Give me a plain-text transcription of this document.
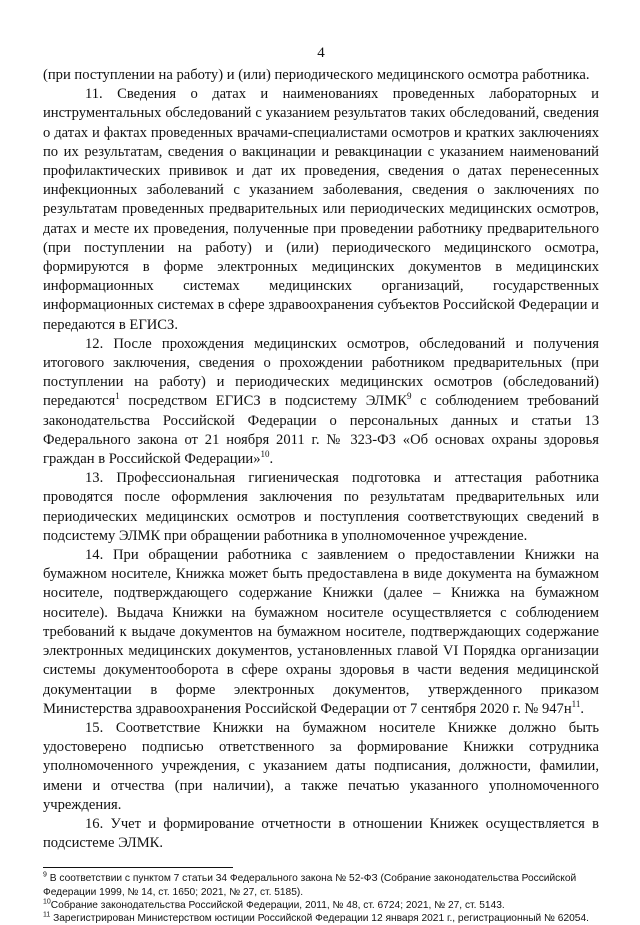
4

(при поступлении на работу) и (или) периодического медицинского осмотра работника.

11. Сведения о датах и наименованиях проведенных лабораторных и инструментальных обследований с указанием результатов таких обследований, сведения о датах и фактах проведенных врачами-специалистами осмотров и кратких заключениях по их результатам, сведения о вакцинации и ревакцинации с указанием наименований профилактических прививок и дат их проведения, сведения о датах перенесенных инфекционных заболеваний с указанием заболевания, сведения о заключениях по результатам проведенных предварительных или периодических медицинских осмотров, датах и месте их проведения, полученные при проведении работнику предварительного (при поступлении на работу) и (или) периодического медицинского осмотра, формируются в форме электронных медицинских документов в медицинских информационных системах медицинских организаций, государственных информационных системах в сфере здравоохранения субъектов Российской Федерации и передаются в ЕГИСЗ.

12. После прохождения медицинских осмотров, обследований и получения итогового заключения, сведения о прохождении работником предварительных (при поступлении на работу) и периодических медицинских осмотров (обследований) передаются$^1$ посредством ЕГИСЗ в подсистему ЭЛМК$^9$ с соблюдением требований законодательства Российской Федерации о персональных данных и статьи 13 Федерального закона от 21 ноября 2011 г. № 323-ФЗ «Об основах охраны здоровья граждан в Российской Федерации»$^{10}$.

13. Профессиональная гигиеническая подготовка и аттестация работника проводятся после оформления заключения по результатам предварительных или периодических медицинских осмотров и поступления соответствующих сведений в подсистему ЭЛМК при обращении работника в уполномоченное учреждение.

14. При обращении работника с заявлением о предоставлении Книжки на бумажном носителе, Книжка может быть предоставлена в виде документа на бумажном носителе, подтверждающего содержание Книжки (далее – Книжка на бумажном носителе). Выдача Книжки на бумажном носителе осуществляется с соблюдением требований к выдаче документов на бумажном носителе, подтверждающих содержание электронных медицинских документов, установленных главой VI Порядка организации системы документооборота в сфере охраны здоровья в части ведения медицинской документации в форме электронных документов, утвержденного приказом Министерства здравоохранения Российской Федерации от 7 сентября 2020 г. № $947н^{11}$.

15. Соответствие Книжки на бумажном носителе Книжке должно быть удостоверено подписью ответственного за формирование Книжки сотрудника уполномоченного учреждения, с указанием даты подписания, должности, фамилии, имени и отчества (при наличии), а также печатью указанного уполномоченного учреждения.

16. Учет и формирование отчетности в отношении Книжек осуществляется в подсистеме ЭЛМК.

$^9$ В соответствии с пунктом 7 статьи 34 Федерального закона № 52-ФЗ (Собрание законодательства Российской Федерации 1999, № 14, ст. 1650; 2021, № 27, ст. 5185).

$^{10}$Собрание законодательства Российской Федерации, 2011, № 48, ст. 6724; 2021, № 27, ст. 5143.

$^{11}$ Зарегистрирован Министерством юстиции Российской Федерации 12 января 2021 г., регистрационный № 62054.
